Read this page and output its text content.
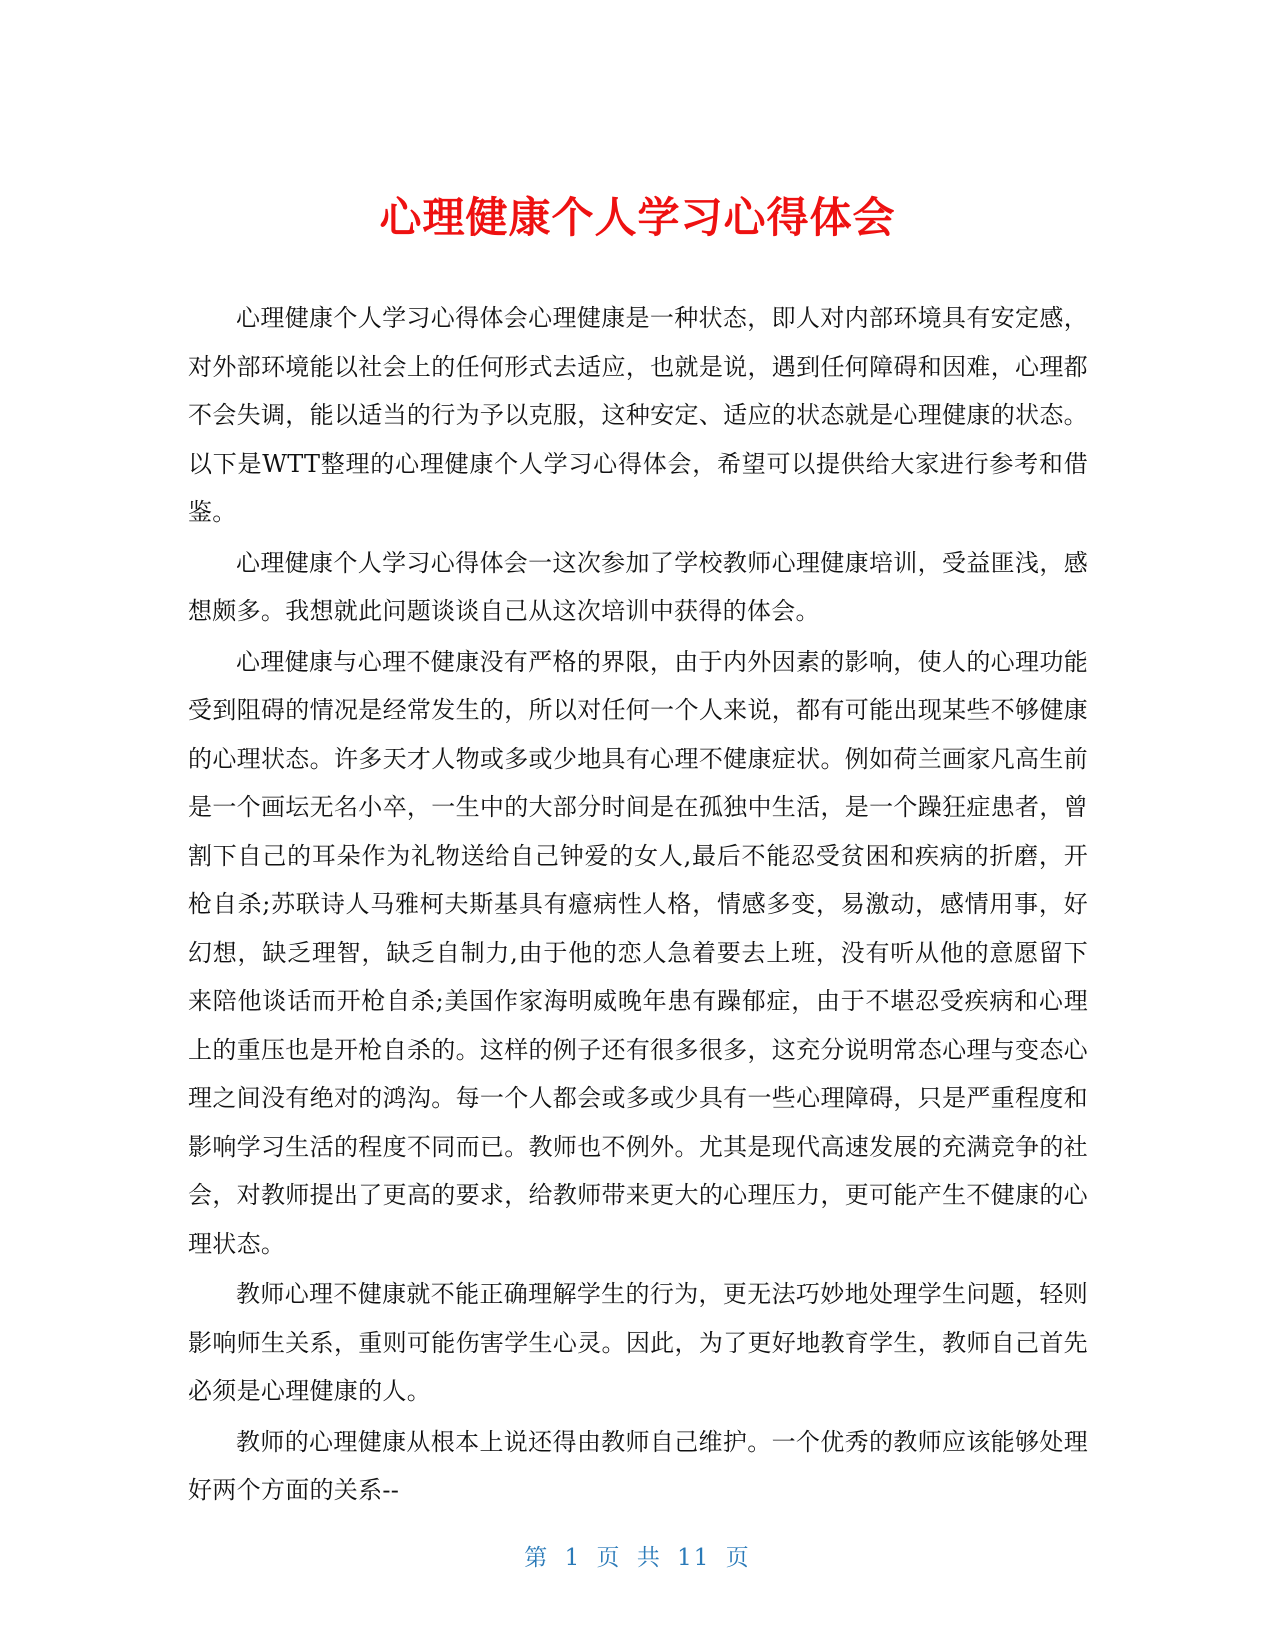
心理健康个人学习心得体会

心理健康个人学习心得体会心理健康是一种状态，即人对内部环境具有安定感，对外部环境能以社会上的任何形式去适应，也就是说，遇到任何障碍和因难，心理都不会失调，能以适当的行为予以克服，这种安定、适应的状态就是心理健康的状态。以下是WTT整理的心理健康个人学习心得体会，希望可以提供给大家进行参考和借鉴。

心理健康个人学习心得体会一这次参加了学校教师心理健康培训，受益匪浅，感想颇多。我想就此问题谈谈自己从这次培训中获得的体会。

心理健康与心理不健康没有严格的界限，由于内外因素的影响，使人的心理功能受到阻碍的情况是经常发生的，所以对任何一个人来说，都有可能出现某些不够健康的心理状态。许多天才人物或多或少地具有心理不健康症状。例如荷兰画家凡高生前是一个画坛无名小卒，一生中的大部分时间是在孤独中生活，是一个躁狂症患者，曾割下自己的耳朵作为礼物送给自己钟爱的女人,最后不能忍受贫困和疾病的折磨，开枪自杀;苏联诗人马雅柯夫斯基具有癔病性人格，情感多变，易激动，感情用事，好幻想，缺乏理智，缺乏自制力,由于他的恋人急着要去上班，没有听从他的意愿留下来陪他谈话而开枪自杀;美国作家海明威晚年患有躁郁症，由于不堪忍受疾病和心理上的重压也是开枪自杀的。这样的例子还有很多很多，这充分说明常态心理与变态心理之间没有绝对的鸿沟。每一个人都会或多或少具有一些心理障碍，只是严重程度和影响学习生活的程度不同而已。教师也不例外。尤其是现代高速发展的充满竞争的社会，对教师提出了更高的要求，给教师带来更大的心理压力，更可能产生不健康的心理状态。

教师心理不健康就不能正确理解学生的行为，更无法巧妙地处理学生问题，轻则影响师生关系，重则可能伤害学生心灵。因此，为了更好地教育学生，教师自己首先必须是心理健康的人。

教师的心理健康从根本上说还得由教师自己维护。一个优秀的教师应该能够处理好两个方面的关系--

第 1 页 共 11 页
